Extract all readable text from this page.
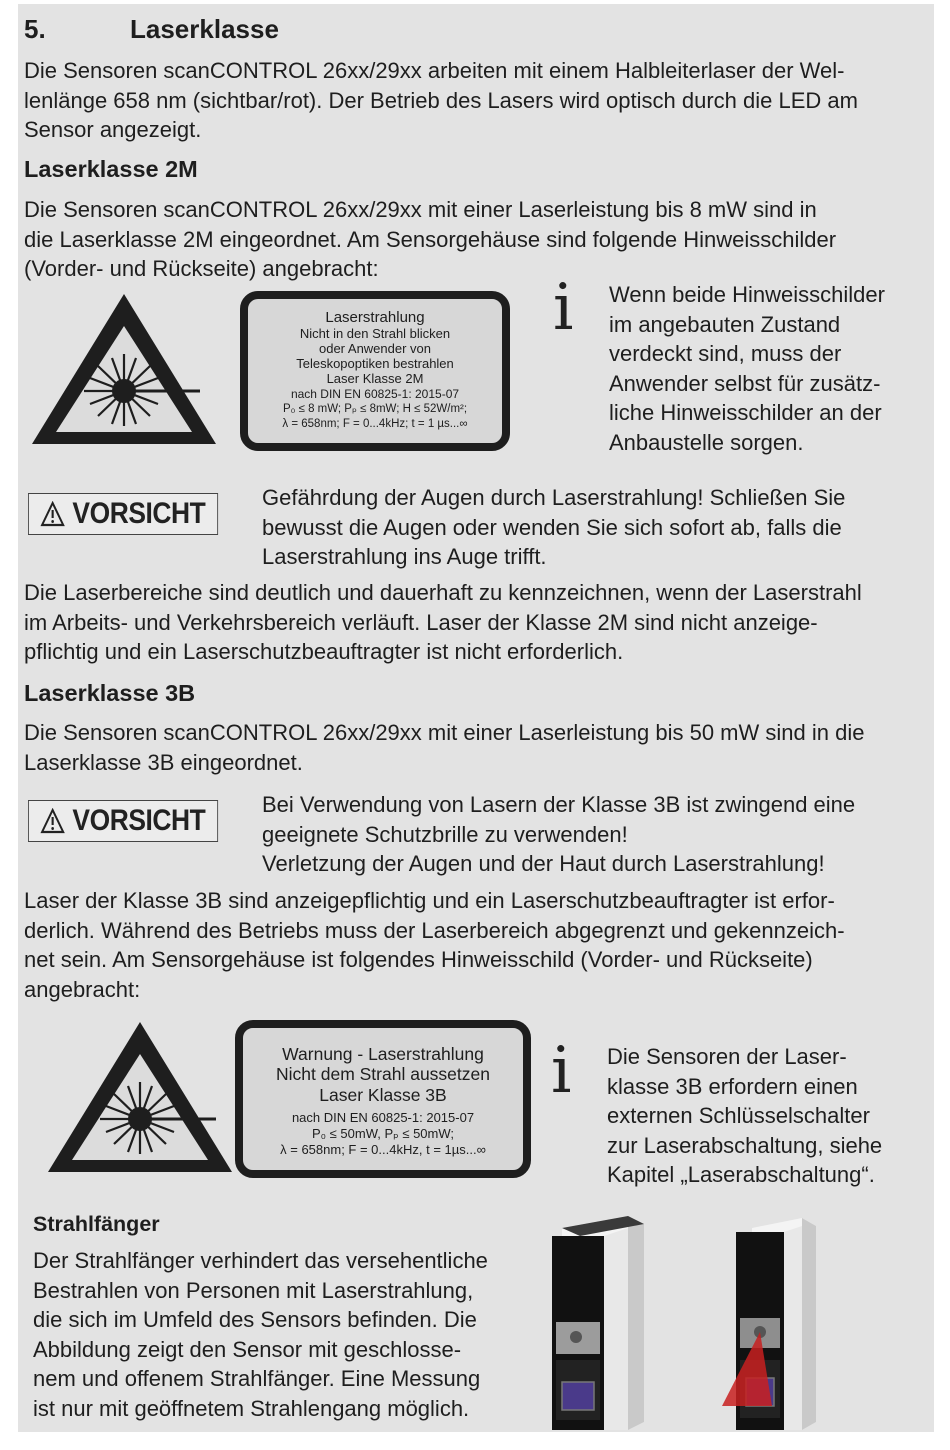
5.	Laserklasse

Die Sensoren scanCONTROL 26xx/29xx arbeiten mit einem Halbleiterlaser der Wel-
lenlänge 658 nm (sichtbar/rot). Der Betrieb des Lasers wird optisch durch die LED am
Sensor angezeigt.

Laserklasse 2M

Die Sensoren scanCONTROL 26xx/29xx mit einer Laserleistung bis 8 mW sind in
die Laserklasse 2M eingeordnet. Am Sensorgehäuse sind folgende Hinweisschilder
(Vorder- und Rückseite) angebracht:

Laserstrahlung
Nicht in den Strahl blicken
oder Anwender von
Teleskopoptiken bestrahlen
Laser Klasse 2M
nach DIN EN 60825-1: 2015-07
P₀ ≤ 8 mW; Pₚ ≤ 8mW; H ≤ 52W/m²;
λ = 658nm; F = 0...4kHz; t = 1 µs...∞
i Wenn beide Hinweisschilder
im angebauten Zustand
verdeckt sind, muss der
Anwender selbst für zusätz-
liche Hinweisschilder an der
Anbaustelle sorgen.

VORSICHT	Gefährdung der Augen durch Laserstrahlung! Schließen Sie
bewusst die Augen oder wenden Sie sich sofort ab, falls die
Laserstrahlung ins Auge trifft.

Die Laserbereiche sind deutlich und dauerhaft zu kennzeichnen, wenn der Laserstrahl
im Arbeits- und Verkehrsbereich verläuft. Laser der Klasse 2M sind nicht anzeige-
pflichtig und ein Laserschutzbeauftragter ist nicht erforderlich.

Laserklasse 3B

Die Sensoren scanCONTROL 26xx/29xx mit einer Laserleistung bis 50 mW sind in die
Laserklasse 3B eingeordnet.

VORSICHT	Bei Verwendung von Lasern der Klasse 3B ist zwingend eine
geeignete Schutzbrille zu verwenden!
Verletzung der Augen und der Haut durch Laserstrahlung!

Laser der Klasse 3B sind anzeigepflichtig und ein Laserschutzbeauftragter ist erfor-
derlich. Während des Betriebs muss der Laserbereich abgegrenzt und gekennzeich-
net sein. Am Sensorgehäuse ist folgendes Hinweisschild (Vorder- und Rückseite)
angebracht:

Warnung - Laserstrahlung
Nicht dem Strahl aussetzen
Laser Klasse 3B
nach DIN EN 60825-1: 2015-07
P₀ ≤ 50mW, Pₚ ≤ 50mW;
λ = 658nm; F = 0...4kHz, t = 1µs...∞
i Die Sensoren der Laser-
klasse 3B erfordern einen
externen Schlüsselschalter
zur Laserabschaltung, siehe
Kapitel „Laserabschaltung“.

Strahlfänger

Der Strahlfänger verhindert das versehentliche
Bestrahlen von Personen mit Laserstrahlung,
die sich im Umfeld des Sensors befinden. Die
Abbildung zeigt den Sensor mit geschlosse-
nem und offenem Strahlfänger. Eine Messung
ist nur mit geöffnetem Strahlengang möglich.
